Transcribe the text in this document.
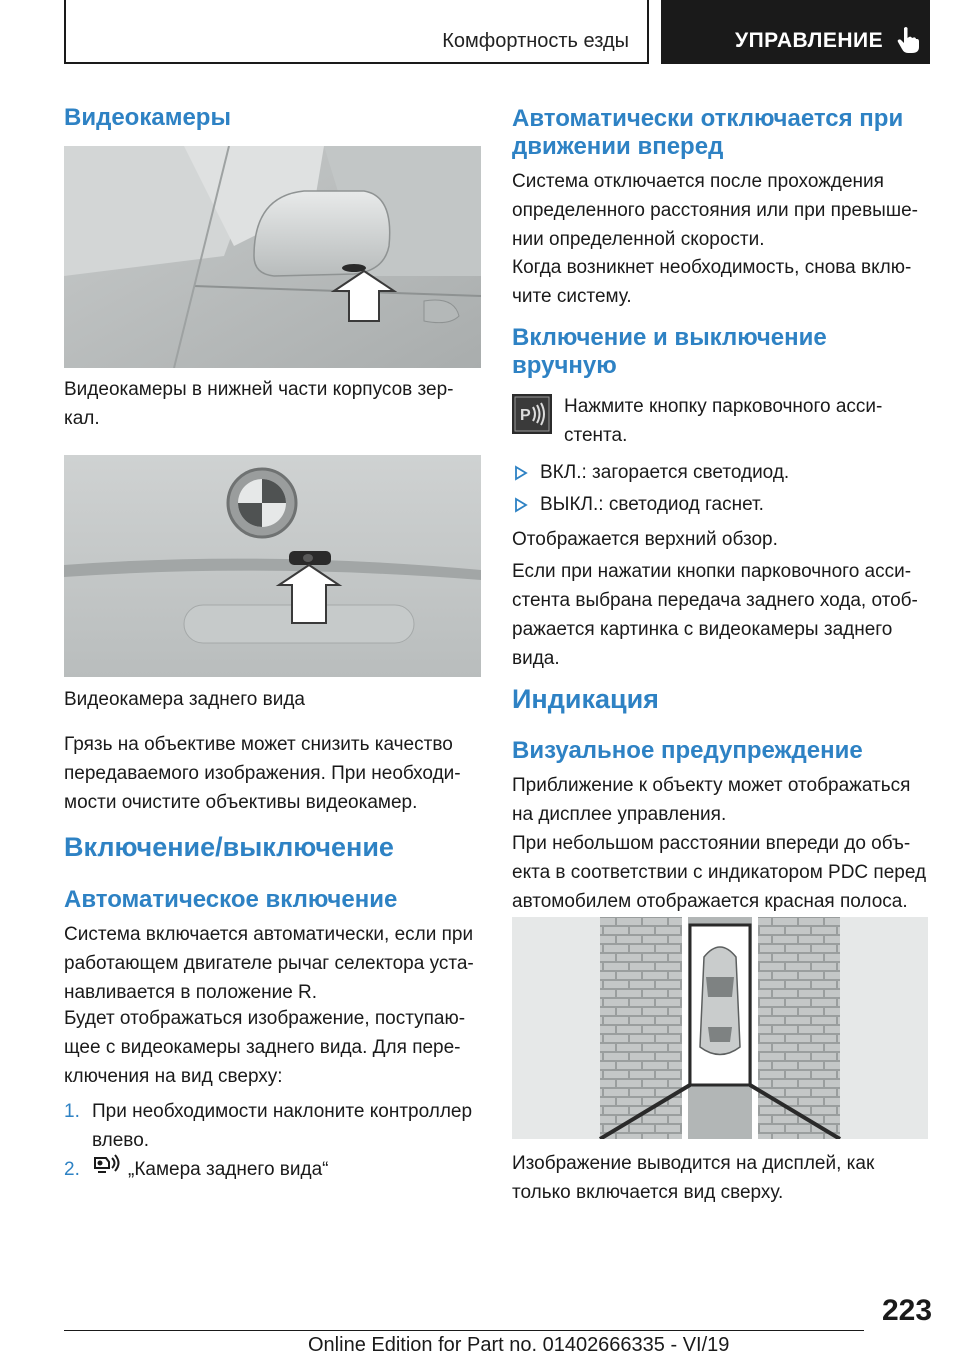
Комфортность езды	УПРАВЛЕНИЕ
Видеокамеры
Видеокамеры в нижней части корпусов зер-
кал.
Видеокамера заднего вида
Грязь на объективе может снизить качество
передаваемого изображения. При необходи-
мости очистите объективы видеокамер.
Включение/выключение
Автоматическое включение
Система включается автоматически, если при
работающем двигателе рычаг селектора уста-
навливается в положение R.
Будет отображаться изображение, поступаю-
щее с видеокамеры заднего вида. Для пере-
ключения на вид сверху:
1. При необходимости наклоните контроллер
влево.
2.	„Камера заднего вида“
Автоматически отключается при
движении вперед
Система отключается после прохождения
определенного расстояния или при превыше-
нии определенной скорости.
Когда возникнет необходимость, снова вклю-
чите систему.
Включение и выключение
вручную
P Нажмите кнопку парковочного асси-
стента.
ВКЛ.: загорается светодиод.
ВЫКЛ.: светодиод гаснет.
Отображается верхний обзор.
Если при нажатии кнопки парковочного асси-
стента выбрана передача заднего хода, отоб-
ражается картинка с видеокамеры заднего
вида.
Индикация
Визуальное предупреждение
Приближение к объекту может отображаться
на дисплее управления.
При небольшом расстоянии впереди до объ-
екта в соответствии с индикатором PDC перед
автомобилем отображается красная полоса.
Изображение выводится на дисплей, как
только включается вид сверху.
223
Online Edition for Part no. 01402666335 - VI/19
